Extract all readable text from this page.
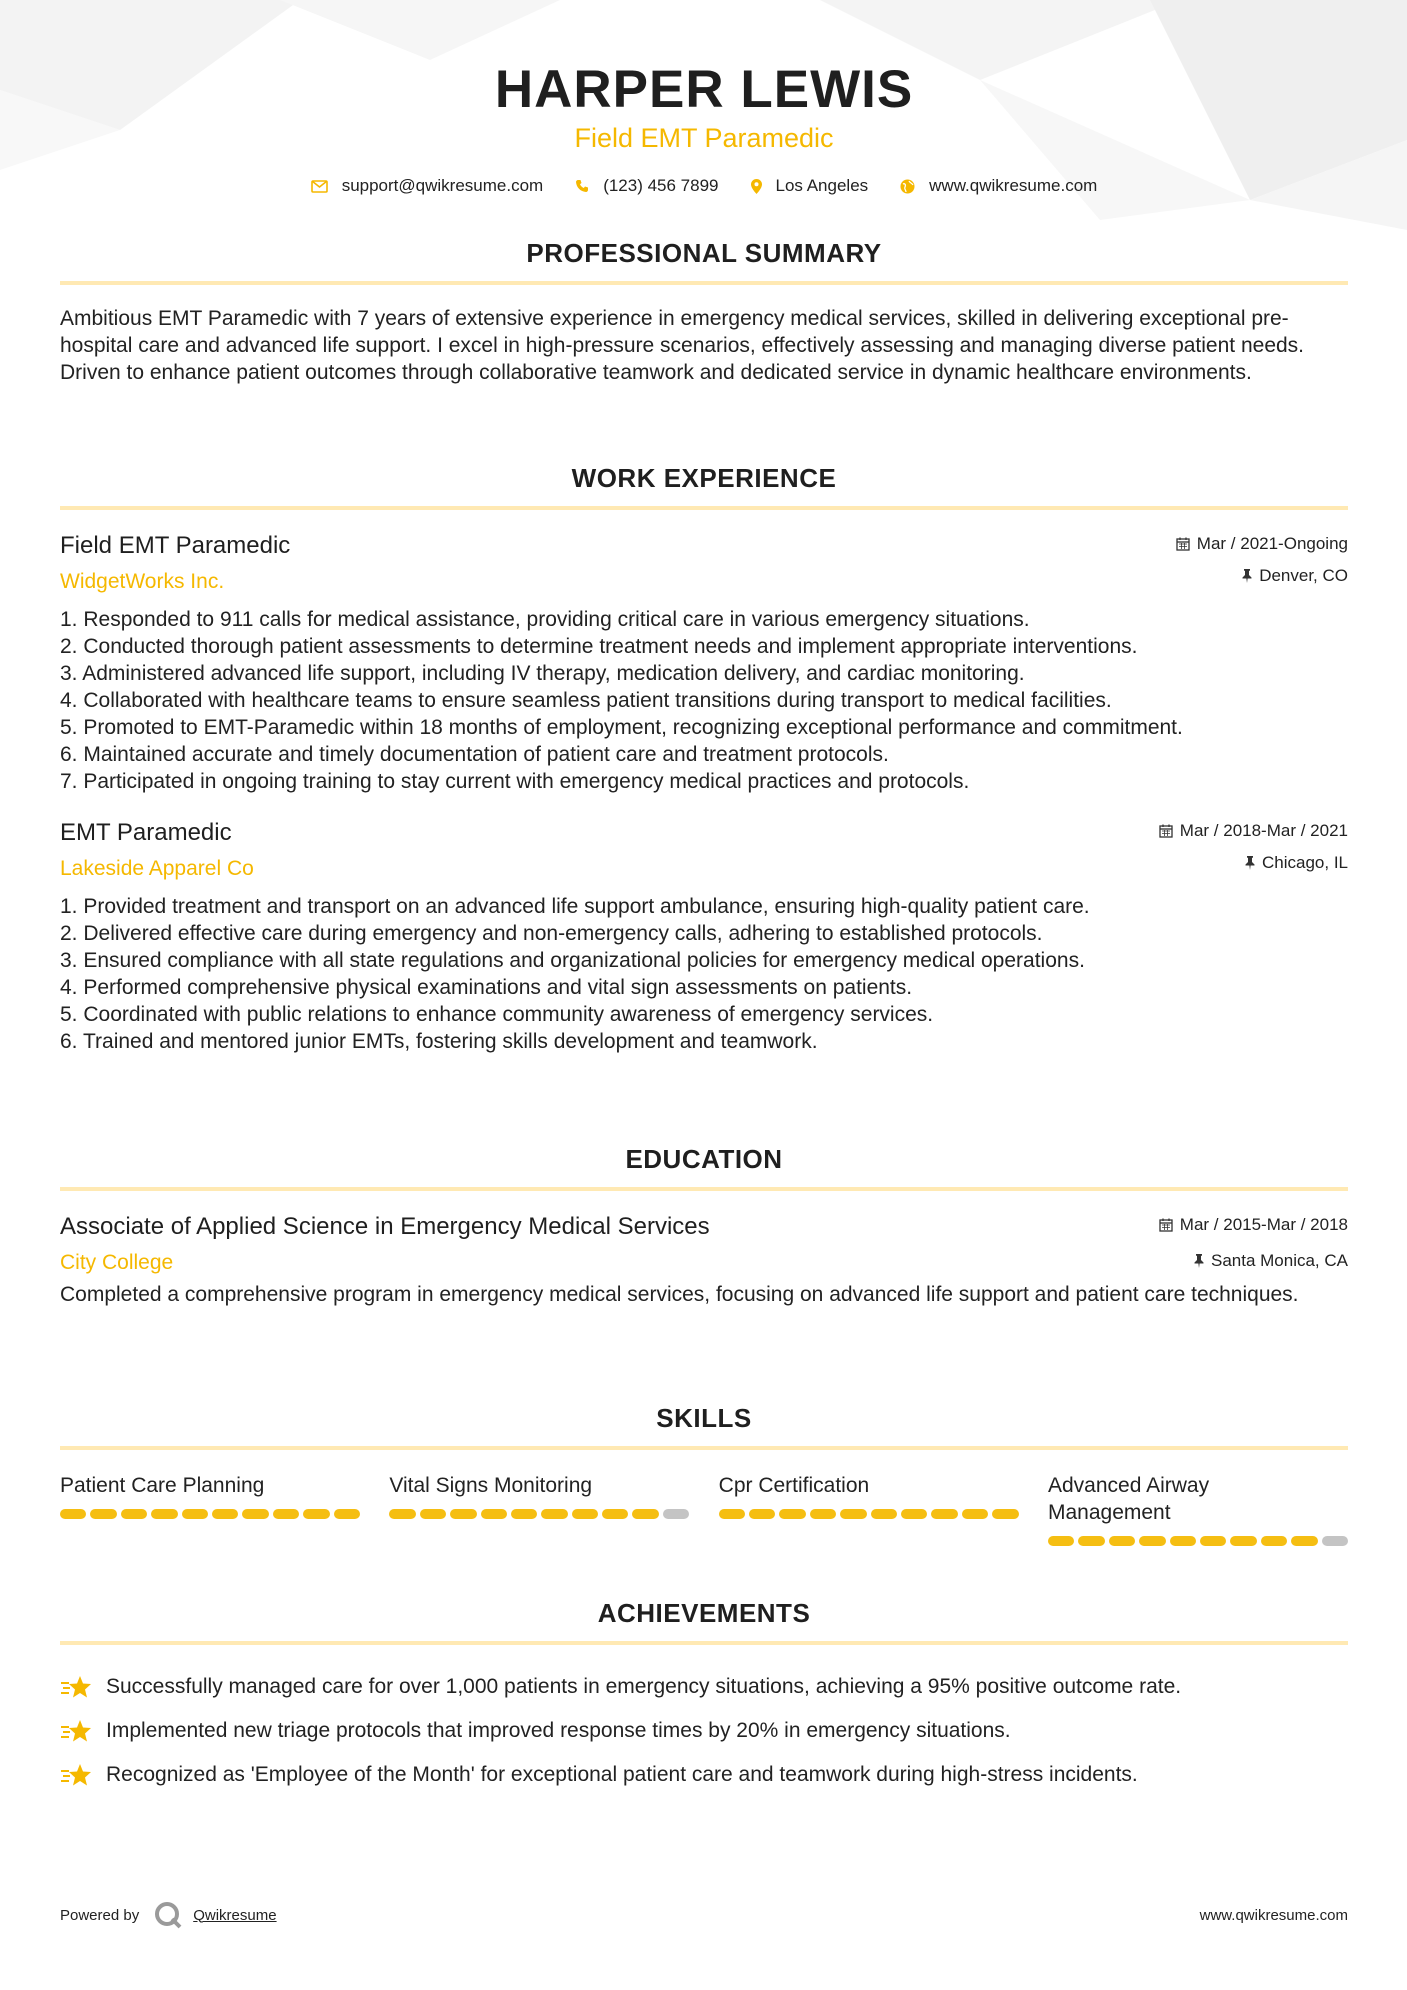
HARPER LEWIS
Field EMT Paramedic
support@qwikresume.com	(123) 456 7899	Los Angeles	www.qwikresume.com
PROFESSIONAL SUMMARY

Ambitious EMT Paramedic with 7 years of extensive experience in emergency medical services, skilled in delivering exceptional pre-hospital care and advanced life support. I excel in high-pressure scenarios, effectively assessing and managing diverse patient needs. Driven to enhance patient outcomes through collaborative teamwork and dedicated service in dynamic healthcare environments.

WORK EXPERIENCE
Field EMT Paramedic
WidgetWorks Inc.
Mar / 2021-Ongoing
Denver, CO
1. Responded to 911 calls for medical assistance, providing critical care in various emergency situations.
2. Conducted thorough patient assessments to determine treatment needs and implement appropriate interventions.
3. Administered advanced life support, including IV therapy, medication delivery, and cardiac monitoring.
4. Collaborated with healthcare teams to ensure seamless patient transitions during transport to medical facilities.
5. Promoted to EMT-Paramedic within 18 months of employment, recognizing exceptional performance and commitment.
6. Maintained accurate and timely documentation of patient care and treatment protocols.
7. Participated in ongoing training to stay current with emergency medical practices and protocols.
EMT Paramedic
Lakeside Apparel Co
Mar / 2018-Mar / 2021
Chicago, IL
1. Provided treatment and transport on an advanced life support ambulance, ensuring high-quality patient care.
2. Delivered effective care during emergency and non-emergency calls, adhering to established protocols.
3. Ensured compliance with all state regulations and organizational policies for emergency medical operations.
4. Performed comprehensive physical examinations and vital sign assessments on patients.
5. Coordinated with public relations to enhance community awareness of emergency services.
6. Trained and mentored junior EMTs, fostering skills development and teamwork.
EDUCATION
Associate of Applied Science in Emergency Medical Services
City College
Mar / 2015-Mar / 2018
Santa Monica, CA

Completed a comprehensive program in emergency medical services, focusing on advanced life support and patient care techniques.

SKILLS
Patient Care Planning	Vital Signs Monitoring	Cpr Certification	Advanced Airway Management
ACHIEVEMENTS
Successfully managed care for over 1,000 patients in emergency situations, achieving a 95% positive outcome rate.
Implemented new triage protocols that improved response times by 20% in emergency situations.
Recognized as 'Employee of the Month' for exceptional patient care and teamwork during high-stress incidents.
Powered by	Qwikresume	www.qwikresume.com
